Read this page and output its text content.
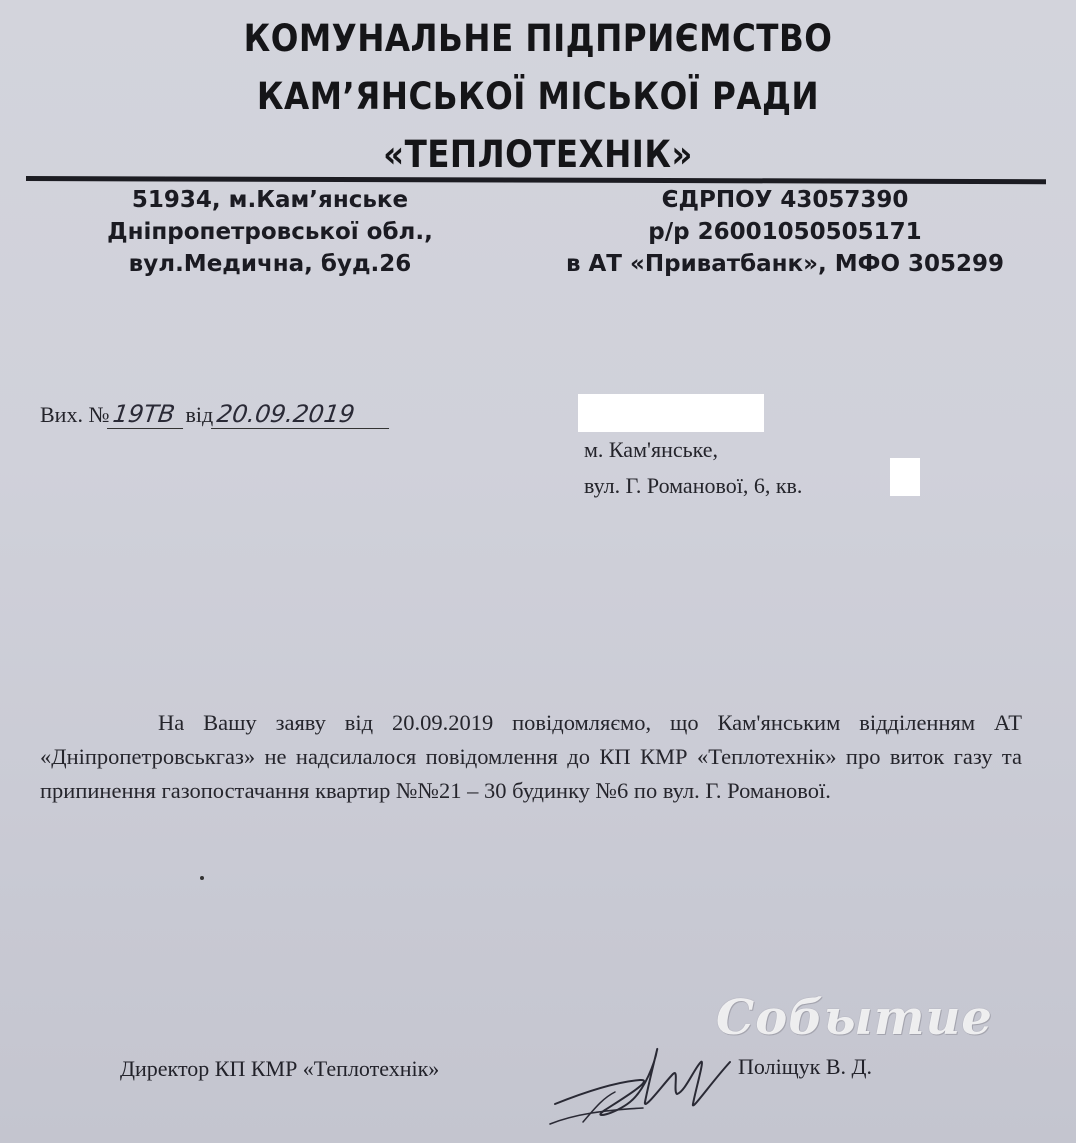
КОМУНАЛЬНЕ ПІДПРИЄМСТВО
КАМ’ЯНСЬКОЇ МІСЬКОЇ РАДИ
«ТЕПЛОТЕХНІК»
51934, м.Кам’янське
Дніпропетровської обл.,
вул.Медична, буд.26
ЄДРПОУ 43057390
р/р 26001050505171
в АТ «Приватбанк», МФО 305299
Вих. №19ТВ від20.09.2019
м. Кам'янське,
вул. Г. Романової, 6, кв.

На Вашу заяву від 20.09.2019 повідомляємо, що Кам'янським відділенням АТ «Дніпропетровськгаз» не надсилалося повідомлення до КП КМР «Теплотехнік» про виток газу та припинення газопостачання квартир №№21 – 30 будинку №6 по вул. Г. Романової.

Директор КП КМР «Теплотехнік»	Поліщук В. Д.
Событие
